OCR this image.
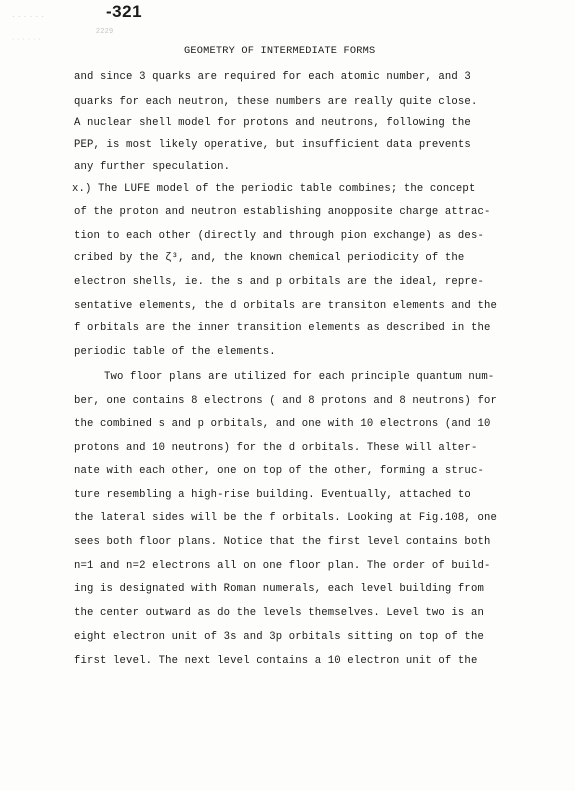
· · · · · ·
· · · · · ·
2229
-321
GEOMETRY OF INTERMEDIATE FORMS
and since 3 quarks are required for each atomic number, and 3
quarks for each neutron, these numbers are really quite close.
A nuclear shell model for protons and neutrons, following the
PEP, is most likely operative, but insufficient data prevents
any further speculation.
x.) The LUFE model of the periodic table combines; the concept
of the proton and neutron establishing anopposite charge attrac-
tion to each other (directly and through pion exchange) as des-
cribed by the ζ³, and, the known chemical periodicity of the
electron shells, ie. the s and p orbitals are the ideal, repre-
sentative elements, the d orbitals are transiton elements and the
f orbitals are the inner transition elements as described in the
periodic table of the elements.
Two floor plans are utilized for each principle quantum num-
ber, one contains 8 electrons ( and 8 protons and 8 neutrons) for
the combined s and p orbitals, and one with 10 electrons (and 10
protons and 10 neutrons) for the d orbitals. These will alter-
nate with each other, one on top of the other, forming a struc-
ture resembling a high-rise building. Eventually, attached to
the lateral sides will be the f orbitals. Looking at Fig.108, one
sees both floor plans. Notice that the first level contains both
n=1 and n=2 electrons all on one floor plan. The order of build-
ing is designated with Roman numerals, each level building from
the center outward as do the levels themselves. Level two is an
eight electron unit of 3s and 3p orbitals sitting on top of the
first level. The next level contains a 10 electron unit of the
